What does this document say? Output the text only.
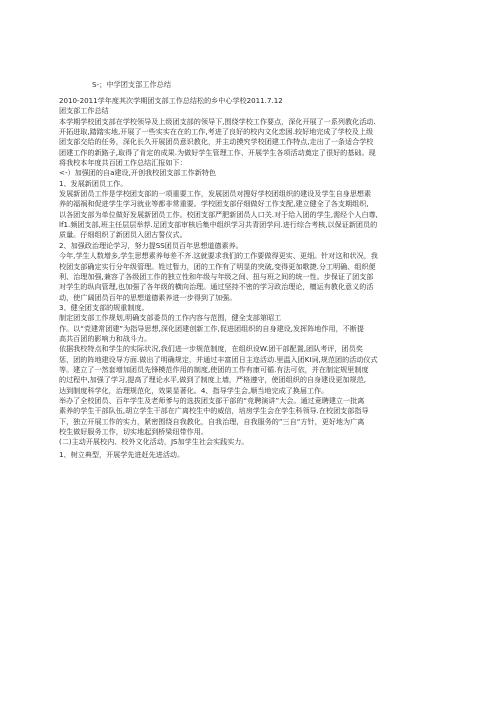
S-；中学团支部工作总结
2010-2011学年度其次学期团支部工作总结松的乡中心学校2011.7.12
团支部工作总结
本学期学校团支部在学校领导及上级团支部的领导下,围绕学校工作要点，深化开展了一系列教化活动.
开拓进取,踏踏实地,开展了一些实实在在的工作,考进了良好的校内文化恋困.较好地完成了学校及上级
团支部交给的任务，深化长久开展团员意识教化，并主动摸究学校团建工作特点,走出了一条适合学校
团建工作的新路子,取得了肯定的成果.为做好学生管理工作、开展学生各项活动奠定了很好的基础。现
将我校本年度共百团工作总结汇报如下：
<-）加强团的自a建设,开创我校团支部工作新特色
1、发展新团员工作。
发展新团员工作是学校团支部的一项重要工作，发展团员对搜好学校团组织的建设及学生自身思想素
养的福祸和促进学生学习就业等都非常重要。学校团支部仔细做好工作支配,建立健全了各支期组织,
以各团支部为单位做好发展新团员工作。校团支部严肥新团员人口关.对于给入团的学生,需经个人白尊,
lf1.频团支部,班主任层层举荐.足团支部审核后集中组织学习共青团学问.进行综合考核,以保证新团员的
质量。仔细组织了新团员入团古誓仪式。
2、加强政治理论学习，努力提SS团员百年思想道德素养。
今年,学生人数增多,学生思想素养每差不齐.这就要求我们的工作要做得更实、更细。针对这和状况，我
校团支部确定实行分年级管理。姓过暂力，团的工作有了明显的突破,变得更加歌捷.分工明确、组织便
利、治理加强,兼容了各级团工作的独立性和年级与年级之间、扭与班之间的统一性。步保证了团支部
对学生的纵向管理,也加强了各年级的横向治理。通过坚持不密的学习政治理论，檀运有教化意义的活
动，使广阔团员百年的思想道德素养进一步得到了加强。
3、健全团支部的规重制度。
制定团支部工作规划,明确支部委员的工作内容与范围，健全支部第昭工
作。以“党建常团建”为指导思想,深化团建创新工作,促进团组织的自身建设,发挥阵地作用，不断提
高共百团的影响力和战斗力。
依据我校特点和学生的实际状况,我们进一步规范制度，在组织设W.团干部配置,团队考评，团员奖
惩，团的阵地建设导方面.做出了明确规定，并通过丰富团日主迩活动.里温入团KI词,规范团的活动仪式
等。建立了一然套增加团员先锋模范作用的制度,使团的工作有康可循.有法可依，并在制定规里制度
的过程中,加强了学习,提高了理论水平,做到了制度上墙，严格遵守，使团组织的自身建设更加规范,
达到制度科学化，治理规范化，效果显著化。4、指导学生会,顺当地完成了换届工作。
举办了全校团员、百年学生及老师爹与的选拔团支部干部的“竞聘演讲”大会。通过竟聘建立一批离
素养的学生干部队伍,胡立学生干部在广离校生中的威信，培房学生会在学生科领导.在校团支部指导
下，独立开展工作的实力，紧密围绕自我教化，自我治理，自我服务的”三自“方针，更好地为广离
校生做好服务工作，切实地起到桥梁纽带作用。
(二)主动开展校内、校外文化活动，JS加学生社会实践实力。
1、树立典型，开展学先进赶先进活动。
